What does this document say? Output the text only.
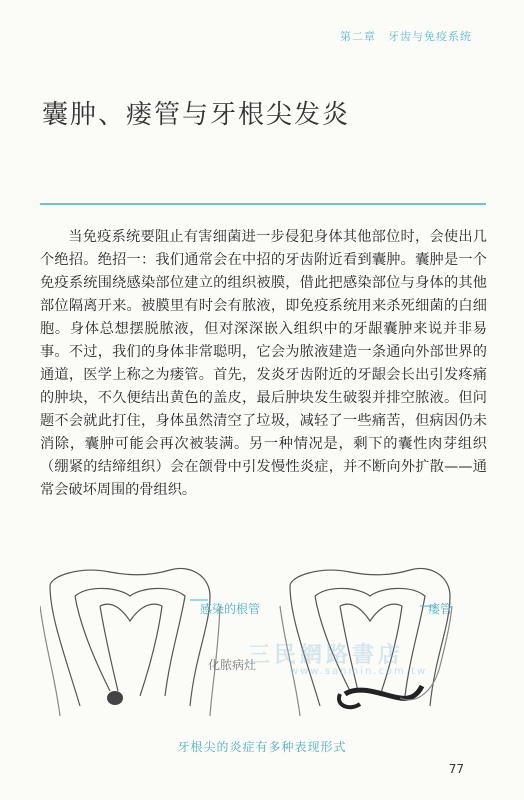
第二章　牙齿与免疫系统
囊肿、瘘管与牙根尖发炎

当免疫系统要阻止有害细菌进一步侵犯身体其他部位时，会使出几个绝招。绝招一：我们通常会在中招的牙齿附近看到囊肿。囊肿是一个免疫系统围绕感染部位建立的组织被膜，借此把感染部位与身体的其他部位隔离开来。被膜里有时会有脓液，即免疫系统用来杀死细菌的白细胞。身体总想摆脱脓液，但对深深嵌入组织中的牙龈囊肿来说并非易事。不过，我们的身体非常聪明，它会为脓液建造一条通向外部世界的通道，医学上称之为瘘管。首先，发炎牙齿附近的牙龈会长出引发疼痛的肿块，不久便结出黄色的盖皮，最后肿块发生破裂并排空脓液。但问题不会就此打住，身体虽然清空了垃圾，减轻了一些痛苦，但病因仍未消除，囊肿可能会再次被装满。另一种情况是，剩下的囊性肉芽组织（绷紧的结缔组织）会在颌骨中引发慢性炎症，并不断向外扩散——通常会破坏周围的骨组织。

感染的根管
化脓病灶
瘘管
三民網路書店
www.sanmin.com.tw
牙根尖的炎症有多种表现形式
77
